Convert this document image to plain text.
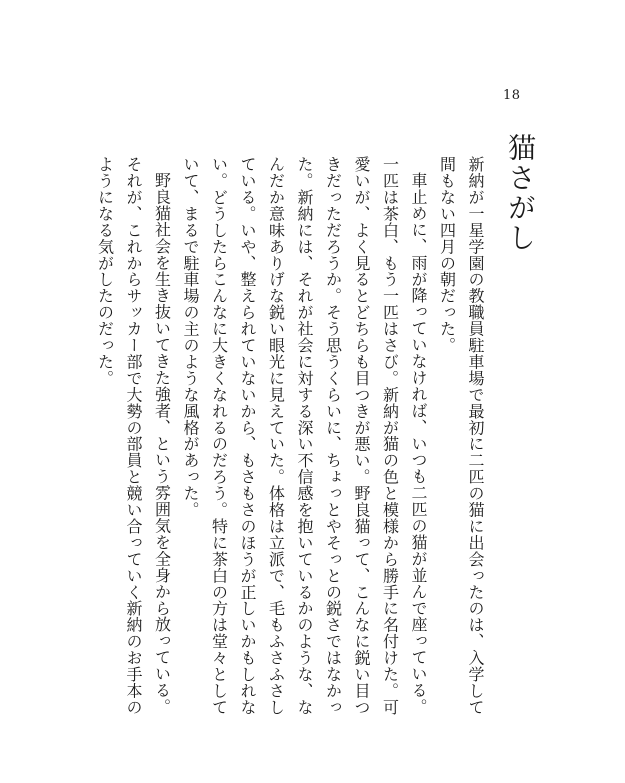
18
猫さがし

新納が一星学園の教職員駐車場で最初に二匹の猫に出会ったのは、入学して間もない四月の朝だった。

車止めに、雨が降っていなければ、いつも二匹の猫が並んで座っている。一匹は茶白、もう一匹はさび。新納が猫の色と模様から勝手に名付けた。可愛いが、よく見るとどちらも目つきが悪い。野良猫って、こんなに鋭い目つきだっただろうか。そう思うくらいに、ちょっとやそっとの鋭さではなかった。新納には、それが社会に対する深い不信感を抱いているかのような、なんだか意味ありげな鋭い眼光に見えていた。体格は立派で、毛もふさふさしている。いや、整えられていないから、もさもさのほうが正しいかもしれない。どうしたらこんなに大きくなれるのだろう。特に茶白の方は堂々としていて、まるで駐車場の主のような風格があった。

野良猫社会を生き抜いてきた強者、という雰囲気を全身から放っている。それが、これからサッカー部で大勢の部員と競い合っていく新納のお手本のようになる気がしたのだった。
